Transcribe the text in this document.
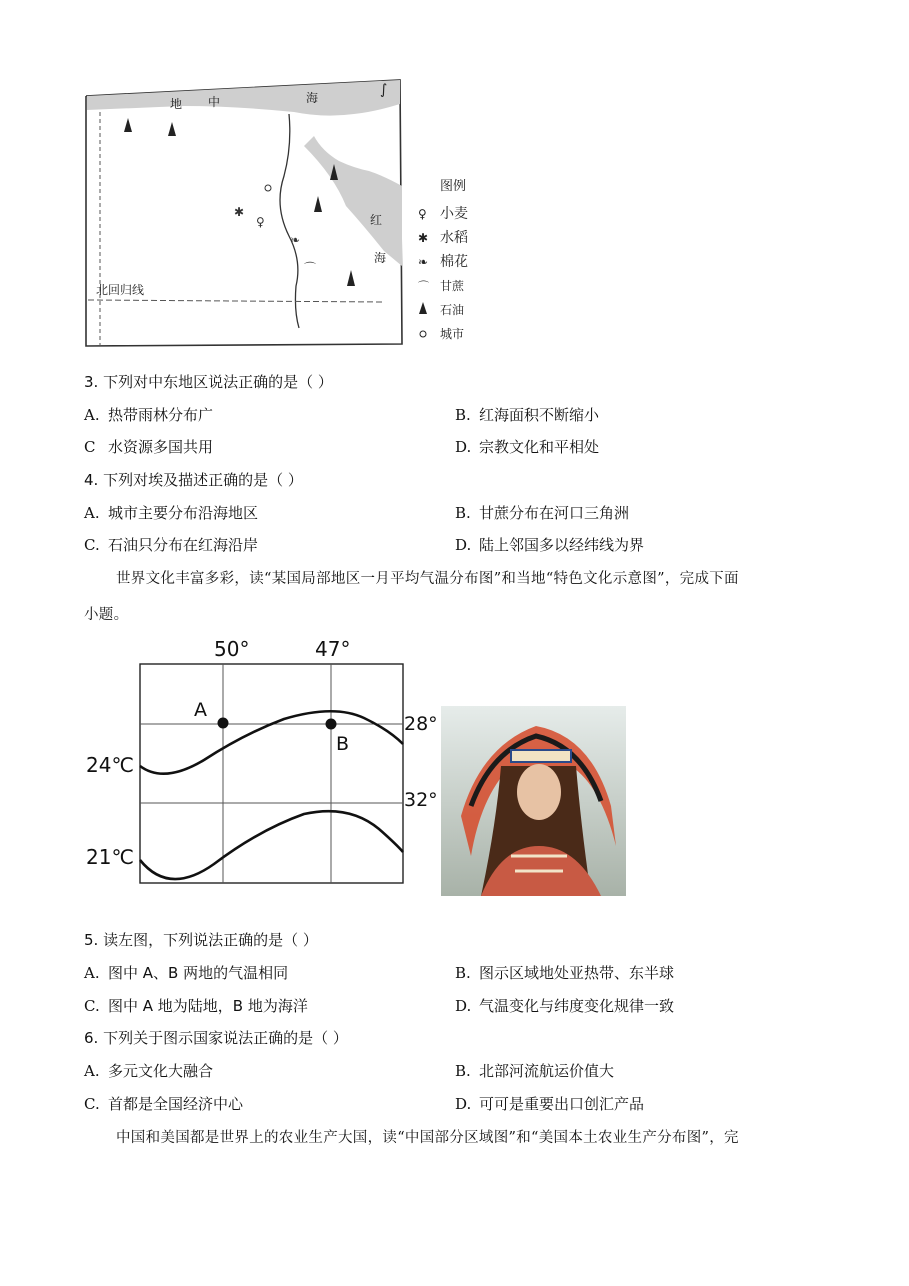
地 中	海
红
海
北回归线
✱
♀
❧
⌒
∫
图例
♀ 小麦
✱ 水稻
❧ 棉花
⌒ 甘蔗
石油
城市
3. 下列对中东地区说法正确的是（ ）
A. 热带雨林分布广	B. 红海面积不断缩小
C 水资源多国共用	D. 宗教文化和平相处
4. 下列对埃及描述正确的是（ ）
A. 城市主要分布沿海地区	B. 甘蔗分布在河口三角洲
C. 石油只分布在红海沿岸	D. 陆上邻国多以经纬线为界
世界文化丰富多彩，读“某国局部地区一月平均气温分布图”和当地“特色文化示意图”，完成下面
小题。
A
B
50°	47°
28°
32°
24℃
21℃
5. 读左图，下列说法正确的是（ ）
A. 图中 A、B 两地的气温相同	B. 图示区域地处亚热带、东半球
C. 图中 A 地为陆地，B 地为海洋	D. 气温变化与纬度变化规律一致
6. 下列关于图示国家说法正确的是（ ）
A. 多元文化大融合	B. 北部河流航运价值大
C. 首都是全国经济中心	D. 可可是重要出口创汇产品
中国和美国都是世界上的农业生产大国，读“中国部分区域图”和“美国本土农业生产分布图”，完
